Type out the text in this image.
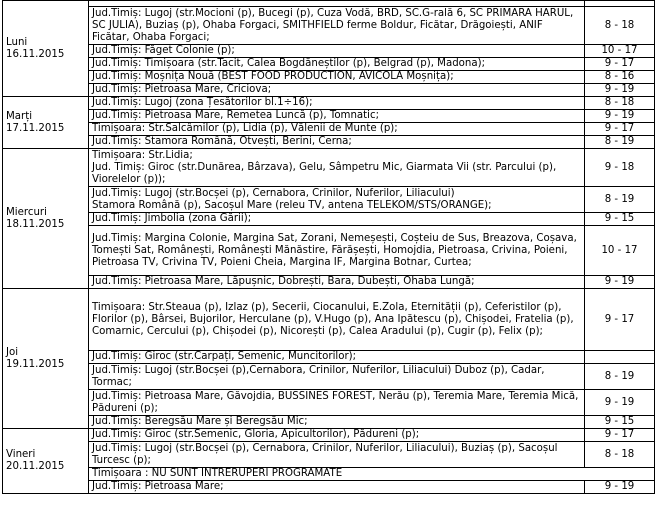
Luni
16.11.2015		

	Jud.Timiș: Lugoj (str.Mocioni (p), Bucegi (p), Cuza Vodă, BRD, SC.G-rală 6, SC PRIMARA HARUL, SC JULIA), Buziaș (p), Ohaba Forgaci, SMITHFIELD ferme Boldur, Ficătar, Drăgoiești, ANIF Ficătar, Ohaba Forgaci;	8 - 18
	Jud.Timiș: Făget Colonie (p);	10 - 17
	Jud.Timiș: Timișoara (str.Tacit, Calea Bogdăneștilor (p), Belgrad (p), Madona);	9 - 17
	Jud.Timiș: Moșnița Nouă (BEST FOOD PRODUCTION, AVICOLA Moșnița);	8 - 16
	Jud.Timiș: Pietroasa Mare, Criciova;	9 - 19

Marți
17.11.2015	Jud.Timiș: Lugoj (zona Țesătorilor bl.1÷16);	8 - 18
	Jud.Timiș: Pietroasa Mare, Remetea Luncă (p), Tomnatic;	9 - 19
	Timișoara: Str.Salcâmilor (p), Lidia (p), Vălenii de Munte (p);	9 - 17
	Jud.Timiș: Stamora Română, Otvești, Berini, Cerna;	8 - 19

Miercuri
18.11.2015	Timișoara: Str.Lidia;
Jud. Timiș: Giroc (str.Dunărea, Bârzava), Gelu, Sâmpetru Mic, Giarmata Vii (str. Parcului (p), Viorelelor (p));	9 - 18
	Jud.Timiș: Lugoj (str.Bocșei (p), Cernabora, Crinilor, Nuferilor, Liliacului)
Stamora Română (p), Sacoșul Mare (releu TV, antena TELEKOM/STS/ORANGE);	8 - 19
	Jud.Timiș: Jimbolia (zona Gării);	9 - 15
	Jud.Timiș: Margina Colonie, Margina Sat, Zorani, Nemeșești, Coșteiu de Sus, Breazova, Coșava, Tomești Sat, Românești, Românești Mănăstire, Fărășești, Homojdia, Pietroasa, Crivina, Poieni, Pietroasa TV, Crivina TV, Poieni Cheia, Margina IF, Margina Botnar, Curtea;	10 - 17
	Jud.Timiș: Pietroasa Mare, Lăpușnic, Dobrești, Bara, Dubești, Ohaba Lungă;	9 - 19

Joi
19.11.2015	Timișoara: Str.Steaua (p), Izlaz (p), Secerii, Ciocanului, E.Zola, Eternității (p), Ceferistilor (p), Florilor (p), Bârsei, Bujorilor, Herculane (p), V.Hugo (p), Ana Ipătescu (p), Chișodei, Fratelia (p), Comarnic, Cercului (p), Chișodei (p), Nicorești (p), Calea Aradului (p), Cugir (p), Felix (p);	9 - 17
	Jud.Timiș: Giroc (str.Carpați, Semenic, Muncitorilor);	
	Jud.Timiș: Lugoj (str.Bocșei (p),Cernabora, Crinilor, Nuferilor, Liliacului) Duboz (p), Cadar, Tormac;	8 - 19
	Jud.Timiș: Pietroasa Mare, Găvojdia, BUSSINES FOREST, Nerău (p), Teremia Mare, Teremia Mică, Pădureni (p);	9 - 19
	Jud.Timiș: Beregsău Mare și Beregsău Mic;	9 - 15

Vineri
20.11.2015	Jud.Timiș: Giroc (str.Semenic, Gloria, Apicultorilor), Pădureni (p);	9 - 17
	Jud.Timiș: Lugoj (str.Bocșei (p), Cernabora, Crinilor, Nuferilor, Liliacului), Buziaș (p), Sacoșul Turcesc (p);	8 - 18
	Timișoara : NU SUNT ÎNTRERUPERI PROGRAMATE	
	Jud.Timiș: Pietroasa Mare;	9 - 19
